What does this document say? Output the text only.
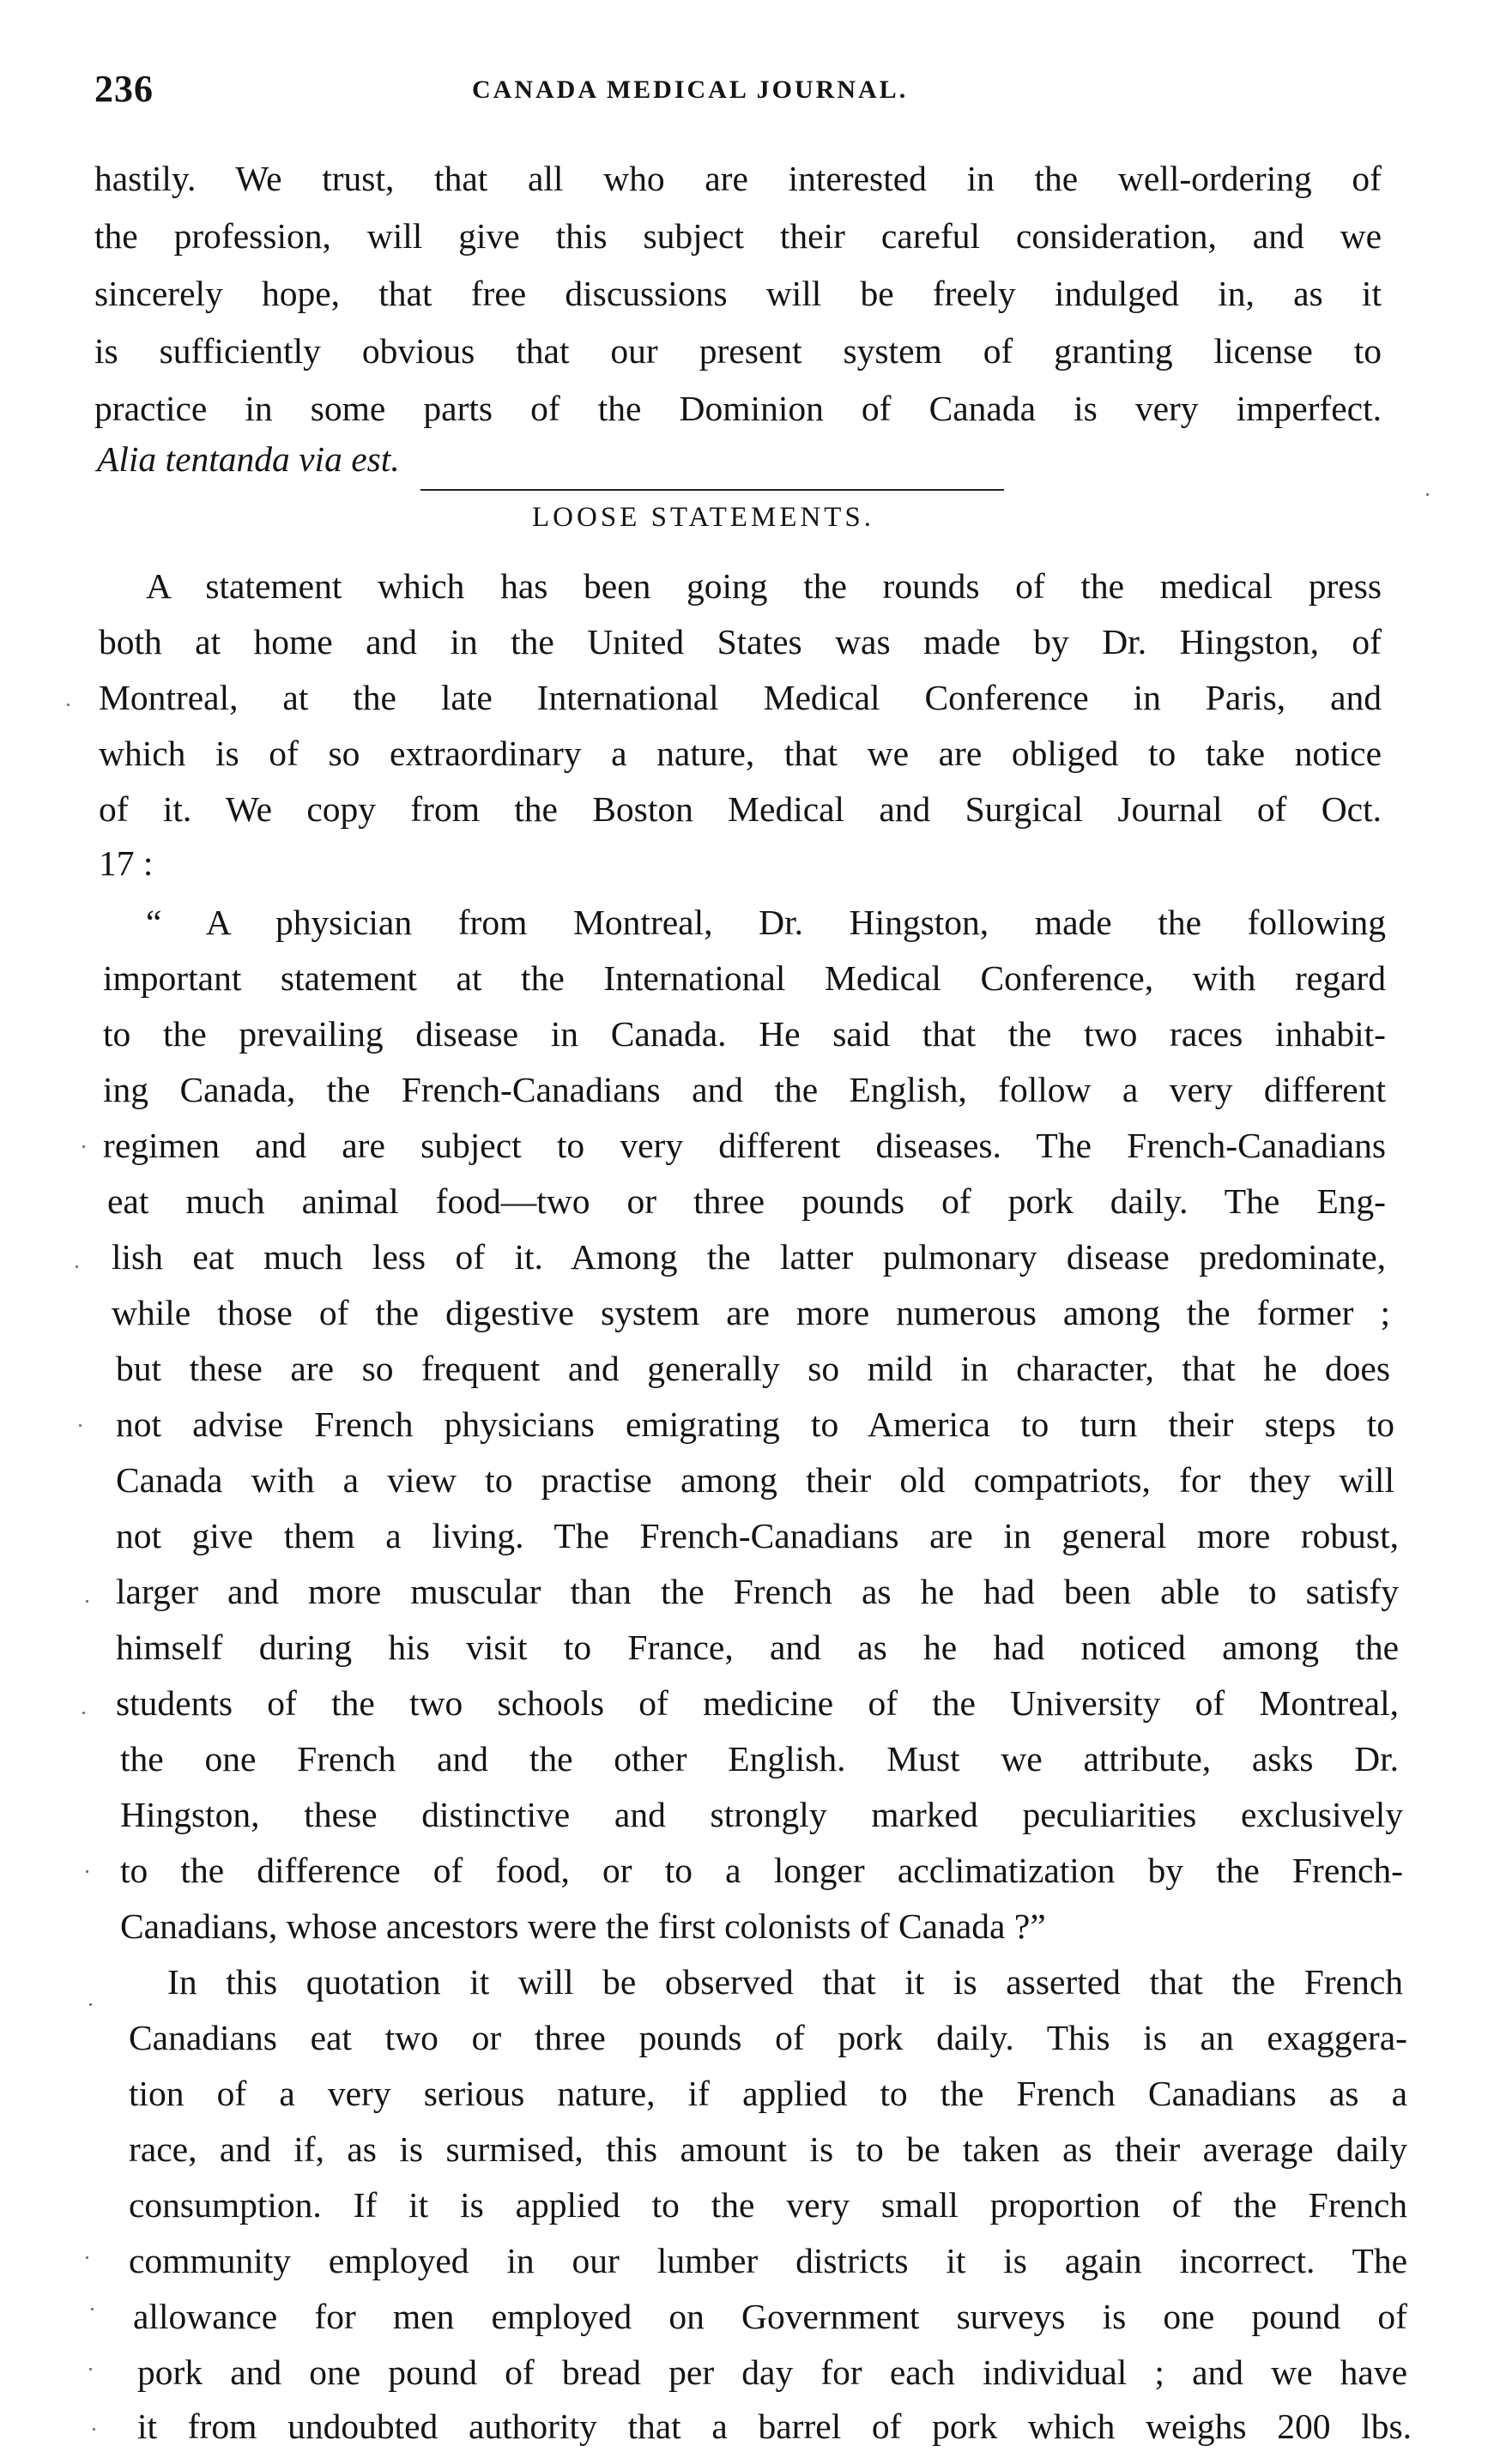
236	CANADA MEDICAL JOURNAL.
hastily. We trust, that all who are interested in the well-ordering of
the profession, will give this subject their careful consideration, and we
sincerely hope, that free discussions will be freely indulged in, as it
is sufficiently obvious that our present system of granting license to
practice in some parts of the Dominion of Canada is very imperfect.
Alia tentanda via est.
LOOSE STATEMENTS.
A statement which has been going the rounds of the medical press
both at home and in the United States was made by Dr. Hingston, of
Montreal, at the late International Medical Conference in Paris, and
which is of so extraordinary a nature, that we are obliged to take notice
of it. We copy from the Boston Medical and Surgical Journal of Oct.
17 :
“ A physician from Montreal, Dr. Hingston, made the following
important statement at the International Medical Conference, with regard
to the prevailing disease in Canada. He said that the two races inhabit-
ing Canada, the French-Canadians and the English, follow a very different
regimen and are subject to very different diseases. The French-Canadians
eat much animal food—two or three pounds of pork daily. The Eng-
lish eat much less of it. Among the latter pulmonary disease predominate,
while those of the digestive system are more numerous among the former ;
but these are so frequent and generally so mild in character, that he does
not advise French physicians emigrating to America to turn their steps to
Canada with a view to practise among their old compatriots, for they will
not give them a living. The French-Canadians are in general more robust,
larger and more muscular than the French as he had been able to satisfy
himself during his visit to France, and as he had noticed among the
students of the two schools of medicine of the University of Montreal,
the one French and the other English. Must we attribute, asks Dr.
Hingston, these distinctive and strongly marked peculiarities exclusively
to the difference of food, or to a longer acclimatization by the French-
Canadians, whose ancestors were the first colonists of Canada ?”
In this quotation it will be observed that it is asserted that the French
Canadians eat two or three pounds of pork daily. This is an exaggera-
tion of a very serious nature, if applied to the French Canadians as a
race, and if, as is surmised, this amount is to be taken as their average daily
consumption. If it is applied to the very small proportion of the French
community employed in our lumber districts it is again incorrect. The
allowance for men employed on Government surveys is one pound of
pork and one pound of bread per day for each individual ; and we have
it from undoubted authority that a barrel of pork which weighs 200 lbs.
